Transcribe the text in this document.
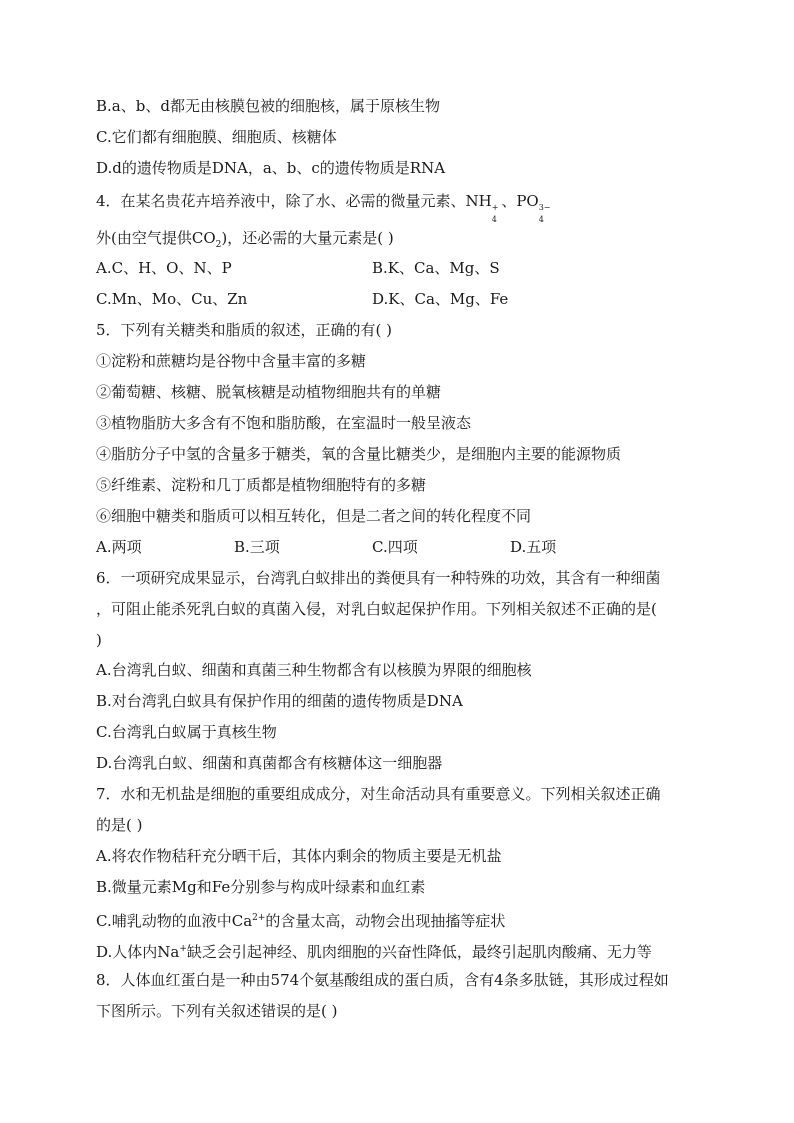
B.a、b、d都无由核膜包被的细胞核，属于原核生物
C.它们都有细胞膜、细胞质、核糖体
D.d的遗传物质是DNA，a、b、c的遗传物质是RNA
4．在某名贵花卉培养液中，除了水、必需的微量元素、NH +
4
、PO 3−
4
外(由空气提供$CO_2$)，还必需的大量元素是( )
A.C、H、O、N、P	B.K、Ca、Mg、S
C.Mn、Mo、Cu、Zn	D.K、Ca、Mg、Fe
5．下列有关糖类和脂质的叙述，正确的有( )
①淀粉和蔗糖均是谷物中含量丰富的多糖
②葡萄糖、核糖、脱氧核糖是动植物细胞共有的单糖
③植物脂肪大多含有不饱和脂肪酸，在室温时一般呈液态
④脂肪分子中氢的含量多于糖类，氧的含量比糖类少，是细胞内主要的能源物质
⑤纤维素、淀粉和几丁质都是植物细胞特有的多糖
⑥细胞中糖类和脂质可以相互转化，但是二者之间的转化程度不同
A.两项	B.三项	C.四项	D.五项
6．一项研究成果显示，台湾乳白蚁排出的粪便具有一种特殊的功效，其含有一种细菌
，可阻止能杀死乳白蚁的真菌入侵，对乳白蚁起保护作用。下列相关叙述不正确的是(
)
A.台湾乳白蚁、细菌和真菌三种生物都含有以核膜为界限的细胞核
B.对台湾乳白蚁具有保护作用的细菌的遗传物质是DNA
C.台湾乳白蚁属于真核生物
D.台湾乳白蚁、细菌和真菌都含有核糖体这一细胞器
7．水和无机盐是细胞的重要组成成分，对生命活动具有重要意义。下列相关叙述正确
的是( )
A.将农作物秸秆充分晒干后，其体内剩余的物质主要是无机盐
B.微量元素Mg和Fe分别参与构成叶绿素和血红素
C.哺乳动物的血液中$Ca^{2+}$的含量太高，动物会出现抽搐等症状
D.人体内Na+缺乏会引起神经、肌肉细胞的兴奋性降低，最终引起肌肉酸痛、无力等
8．人体血红蛋白是一种由574个氨基酸组成的蛋白质，含有4条多肽链，其形成过程如
下图所示。下列有关叙述错误的是( )
